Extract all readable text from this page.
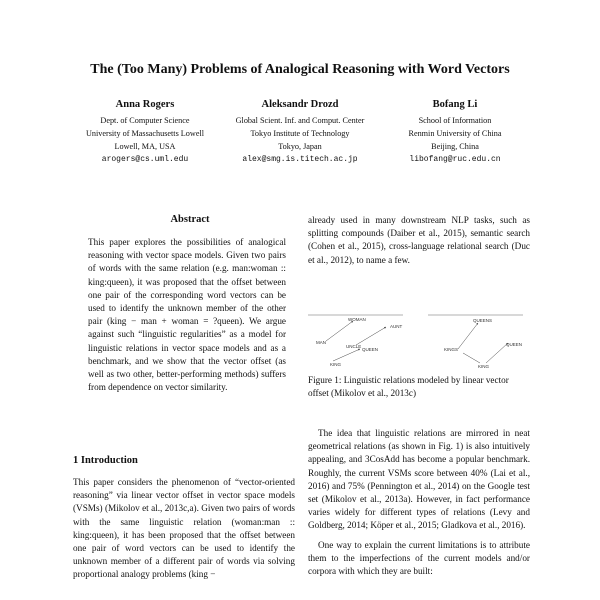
The (Too Many) Problems of Analogical Reasoning with Word Vectors
Anna Rogers
Dept. of Computer Science
University of Massachusetts Lowell
Lowell, MA, USA
arogers@cs.uml.edu
Aleksandr Drozd
Global Scient. Inf. and Comput. Center
Tokyo Institute of Technology
Tokyo, Japan
alex@smg.is.titech.ac.jp
Bofang Li
School of Information
Renmin University of China
Beijing, China
libofang@ruc.edu.cn
Abstract
This paper explores the possibilities of analogical reasoning with vector space models. Given two pairs of words with the same relation (e.g. man:woman :: king:queen), it was proposed that the offset between one pair of the corresponding word vectors can be used to identify the unknown member of the other pair (king − man + woman = ?queen). We argue against such “linguistic regularities” as a model for linguistic relations in vector space models and as a benchmark, and we show that the vector offset (as well as two other, better-performing methods) suffers from dependence on vector similarity.
1 Introduction
This paper considers the phenomenon of “vector-oriented reasoning” via linear vector offset in vector space models (VSMs) (Mikolov et al., 2013c,a). Given two pairs of words with the same linguistic relation (woman:man :: king:queen), it has been proposed that the offset between one pair of word vectors can be used to identify the unknown member of a different pair of words via solving proportional analogy problems (king −
already used in many downstream NLP tasks, such as splitting compounds (Daiber et al., 2015), semantic search (Cohen et al., 2015), cross-language relational search (Duc et al., 2012), to name a few.
WOMAN
AUNT
MAN
UNCLE
QUEEN
KING
QUEENS
KINGS
QUEEN
KING
Figure 1: Linguistic relations modeled by linear vector offset (Mikolov et al., 2013c)

The idea that linguistic relations are mirrored in neat geometrical relations (as shown in Fig. 1) is also intuitively appealing, and 3CosAdd has become a popular benchmark. Roughly, the current VSMs score between 40% (Lai et al., 2016) and 75% (Pennington et al., 2014) on the Google test set (Mikolov et al., 2013a). However, in fact performance varies widely for different types of relations (Levy and Goldberg, 2014; Köper et al., 2015; Gladkova et al., 2016).

One way to explain the current limitations is to attribute them to the imperfections of the current models and/or corpora with which they are built:
